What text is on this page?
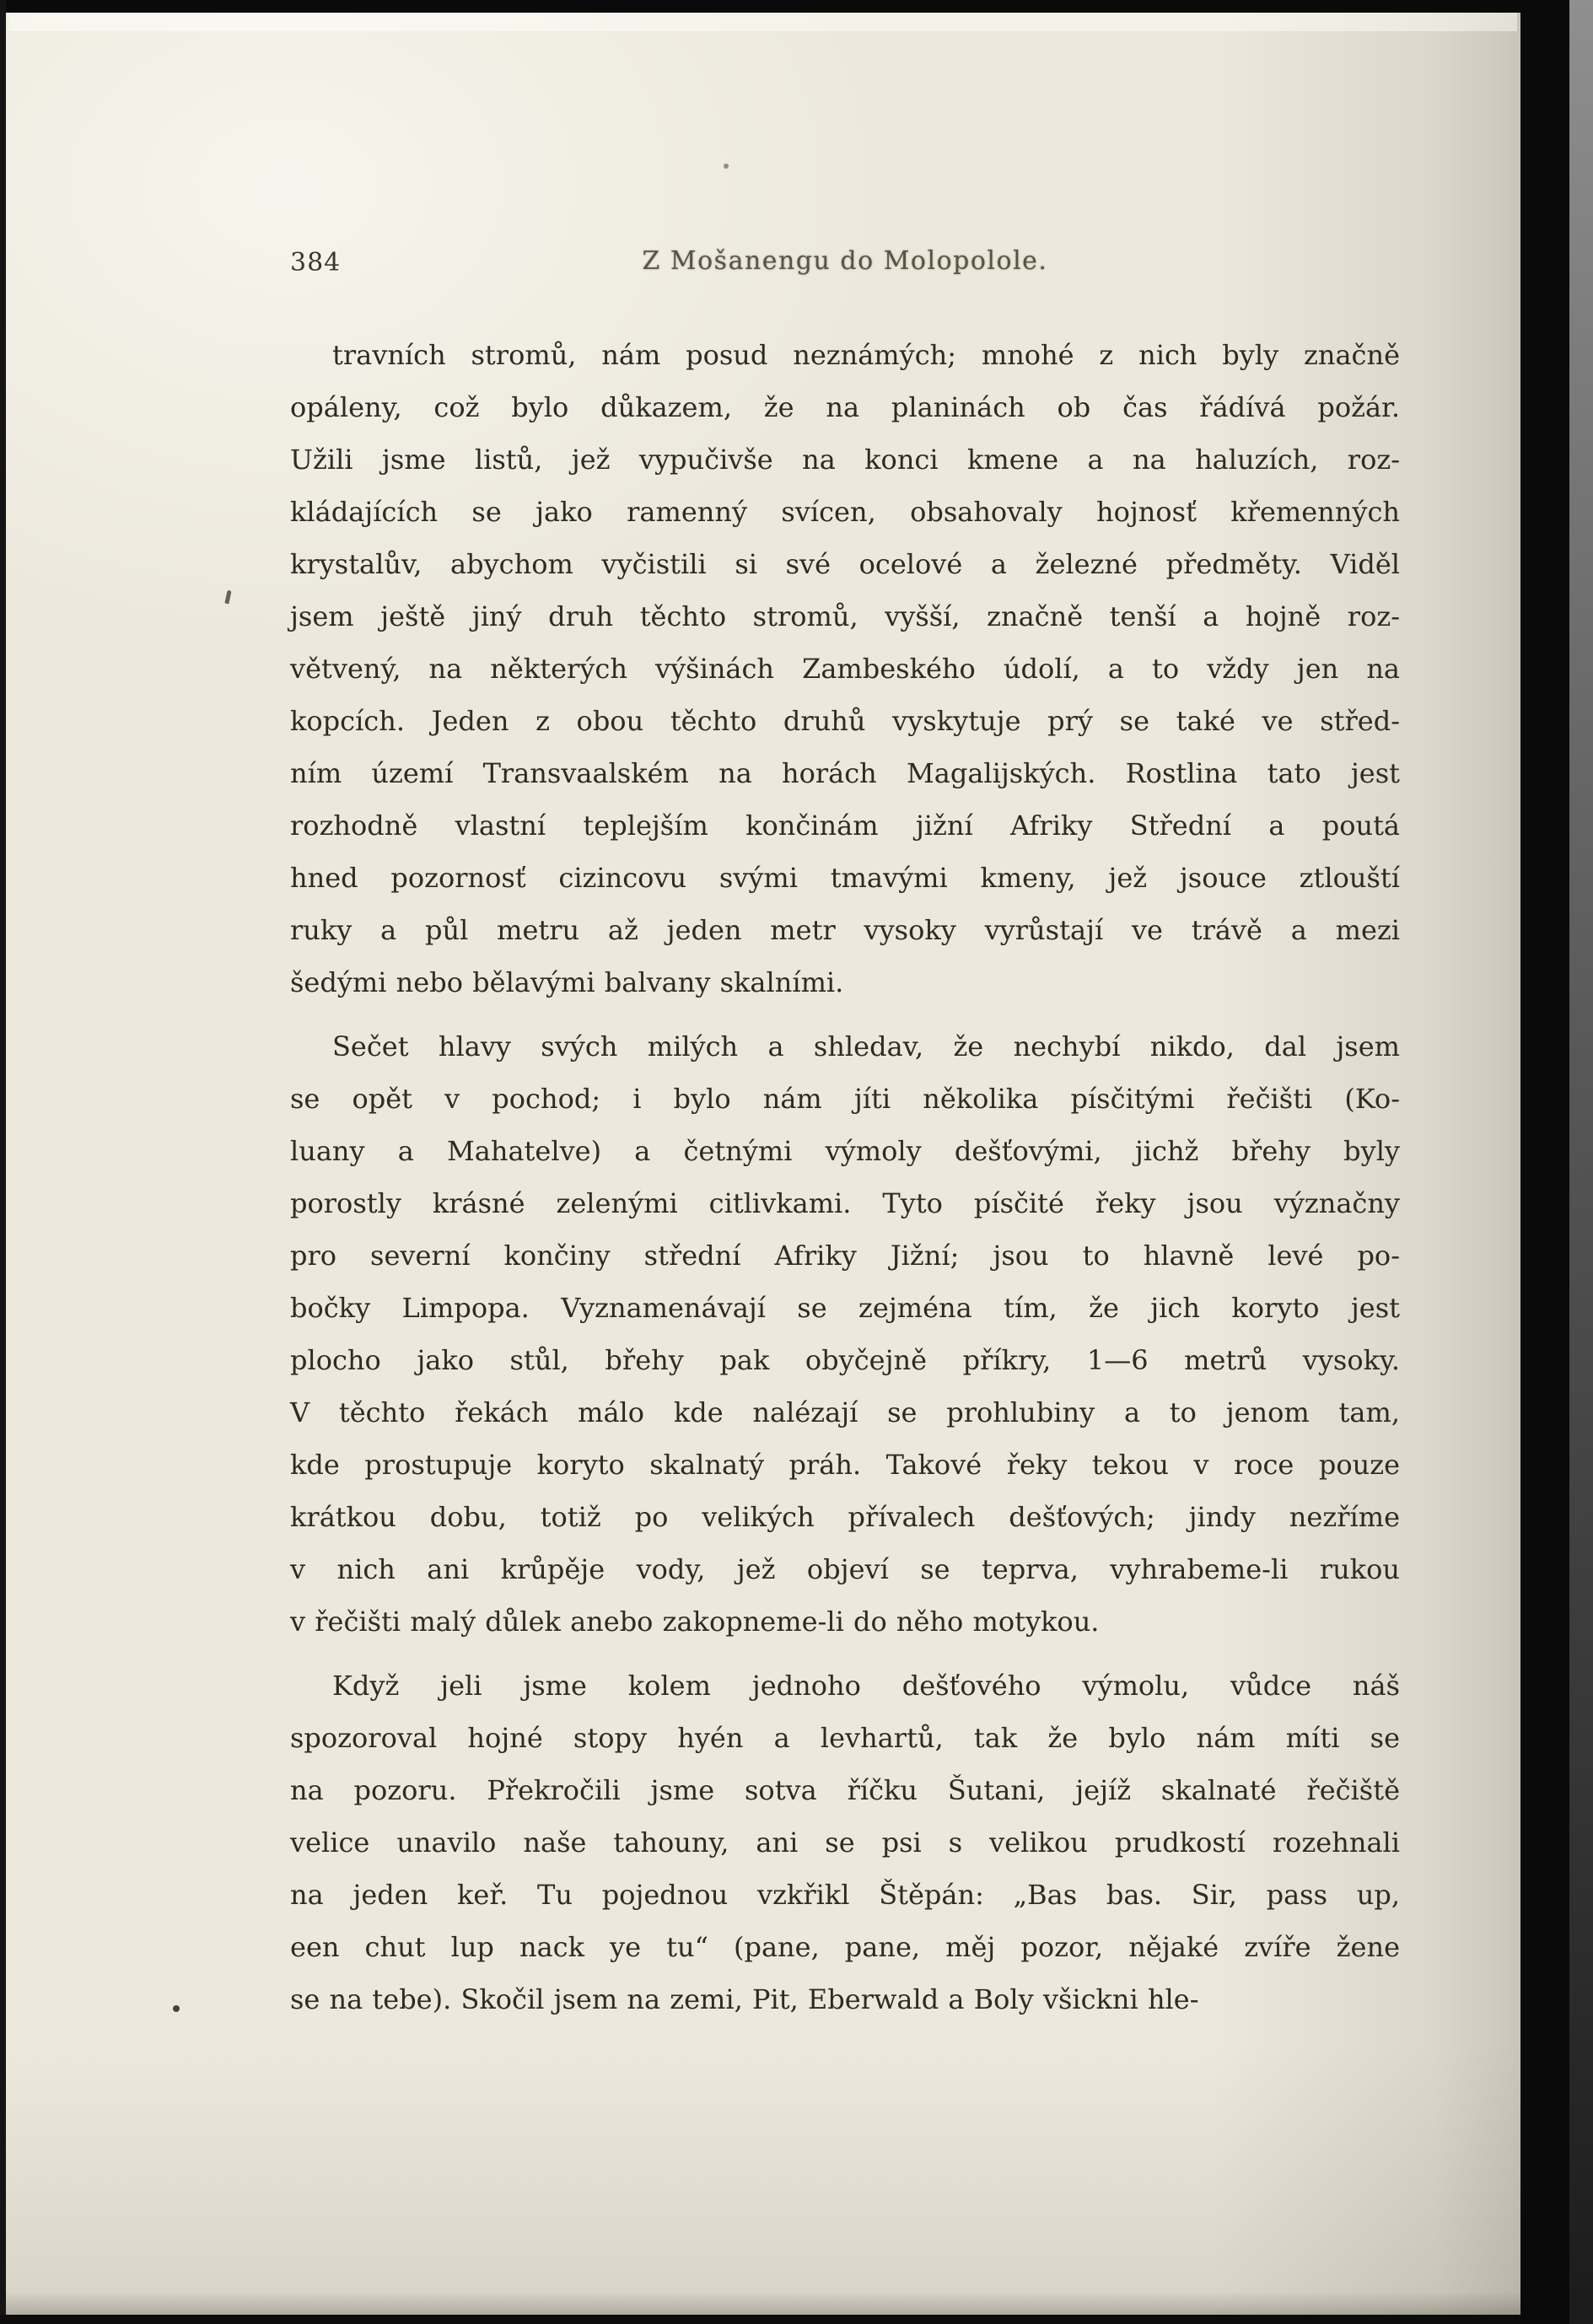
384	Z Mošanengu do Molopolole.
travních stromů, nám posud neznámých; mnohé z nich byly značně
opáleny, což bylo důkazem, že na planinách ob čas řádívá požár.
Užili jsme listů, jež vypučivše na konci kmene a na haluzích, roz-
kládajících se jako ramenný svícen, obsahovaly hojnosť křemenných
krystalův, abychom vyčistili si své ocelové a železné předměty. Viděl
jsem ještě jiný druh těchto stromů, vyšší, značně tenší a hojně roz-
větvený, na některých výšinách Zambeského údolí, a to vždy jen na
kopcích. Jeden z obou těchto druhů vyskytuje prý se také ve střed-
ním území Transvaalském na horách Magalijských. Rostlina tato jest
rozhodně vlastní teplejším končinám jižní Afriky Střední a poutá
hned pozornosť cizincovu svými tmavými kmeny, jež jsouce ztlouští
ruky a půl metru až jeden metr vysoky vyrůstají ve trávě a mezi
šedými nebo bělavými balvany skalními.
Sečet hlavy svých milých a shledav, že nechybí nikdo, dal jsem
se opět v pochod; i bylo nám jíti několika písčitými řečišti (Ko-
luany a Mahatelve) a četnými výmoly dešťovými, jichž břehy byly
porostly krásné zelenými citlivkami. Tyto písčité řeky jsou význačny
pro severní končiny střední Afriky Jižní; jsou to hlavně levé po-
bočky Limpopa. Vyznamenávají se zejména tím, že jich koryto jest
plocho jako stůl, břehy pak obyčejně příkry, 1—6 metrů vysoky.
V těchto řekách málo kde nalézají se prohlubiny a to jenom tam,
kde prostupuje koryto skalnatý práh. Takové řeky tekou v roce pouze
krátkou dobu, totiž po velikých přívalech dešťových; jindy nezříme
v nich ani krůpěje vody, jež objeví se teprva, vyhrabeme-li rukou
v řečišti malý důlek anebo zakopneme-li do něho motykou.
Když jeli jsme kolem jednoho dešťového výmolu, vůdce náš
spozoroval hojné stopy hyén a levhartů, tak že bylo nám míti se
na pozoru. Překročili jsme sotva říčku Šutani, jejíž skalnaté řečiště
velice unavilo naše tahouny, ani se psi s velikou prudkostí rozehnali
na jeden keř. Tu pojednou vzkřikl Štěpán: „Bas bas. Sir, pass up,
een chut lup nack ye tu“ (pane, pane, měj pozor, nějaké zvíře žene
se na tebe). Skočil jsem na zemi, Pit, Eberwald a Boly všickni hle-
